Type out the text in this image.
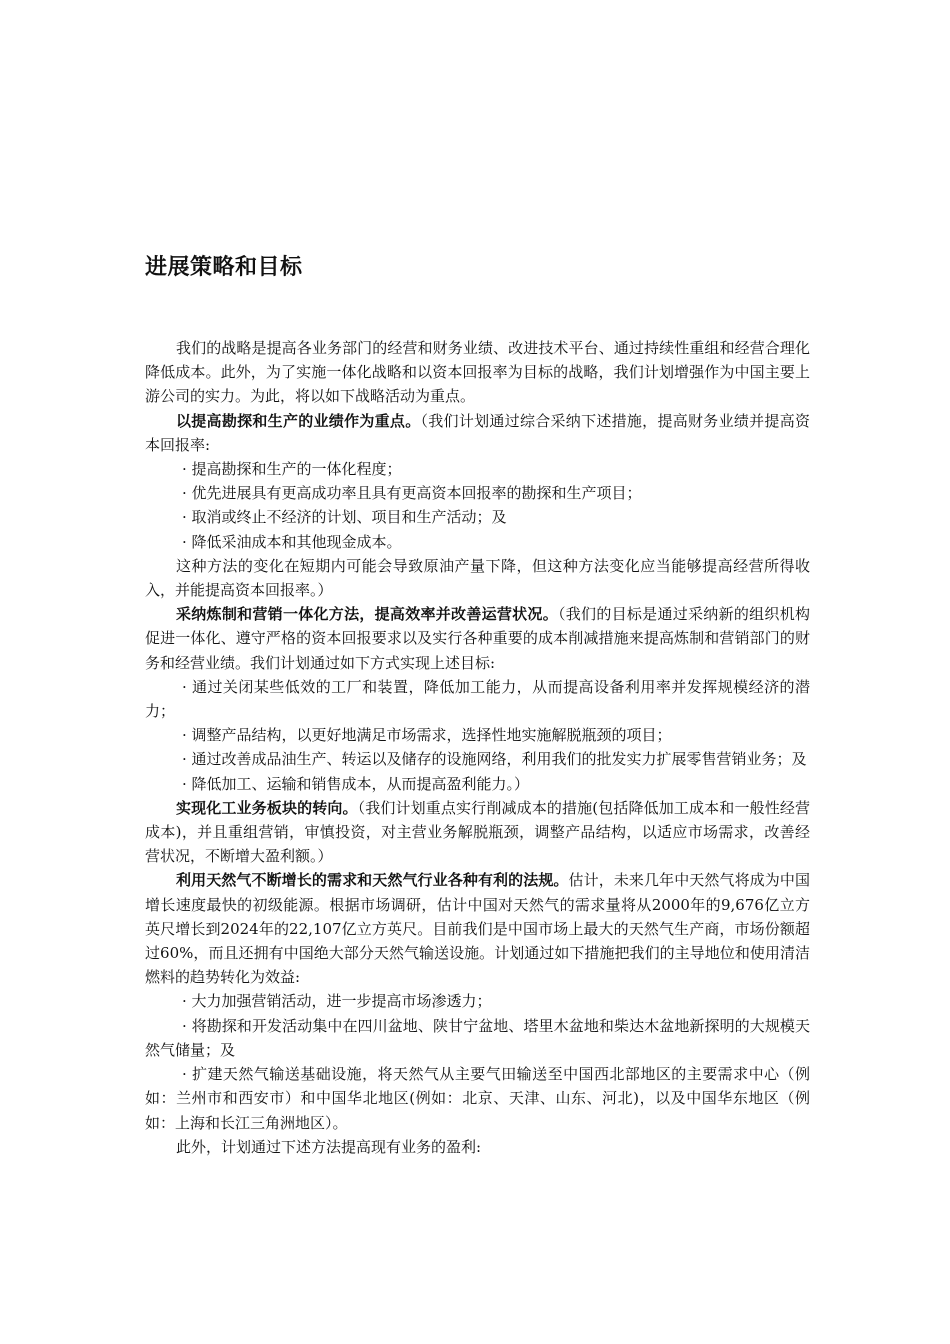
进展策略和目标

我们的战略是提高各业务部门的经营和财务业绩、改进技术平台、通过持续性重组和经营合理化降低成本。此外，为了实施一体化战略和以资本回报率为目标的战略，我们计划增强作为中国主要上游公司的实力。为此，将以如下战略活动为重点。

以提高勘探和生产的业绩作为重点。（我们计划通过综合采纳下述措施，提高财务业绩并提高资本回报率:

· 提高勘探和生产的一体化程度；

· 优先进展具有更高成功率且具有更高资本回报率的勘探和生产项目；

· 取消或终止不经济的计划、项目和生产活动；及

· 降低采油成本和其他现金成本。

这种方法的变化在短期内可能会导致原油产量下降，但这种方法变化应当能够提高经营所得收入，并能提高资本回报率。）

采纳炼制和营销一体化方法，提高效率并改善运营状况。（我们的目标是通过采纳新的组织机构促进一体化、遵守严格的资本回报要求以及实行各种重要的成本削减措施来提高炼制和营销部门的财务和经营业绩。我们计划通过如下方式实现上述目标:

· 通过关闭某些低效的工厂和装置，降低加工能力，从而提高设备利用率并发挥规模经济的潜力；

· 调整产品结构，以更好地满足市场需求，选择性地实施解脱瓶颈的项目；

· 通过改善成品油生产、转运以及储存的设施网络，利用我们的批发实力扩展零售营销业务；及

· 降低加工、运输和销售成本，从而提高盈利能力。）

实现化工业务板块的转向。（我们计划重点实行削减成本的措施(包括降低加工成本和一般性经营成本)，并且重组营销，审慎投资，对主营业务解脱瓶颈，调整产品结构，以适应市场需求，改善经营状况，不断增大盈利额。）

利用天然气不断增长的需求和天然气行业各种有利的法规。估计，未来几年中天然气将成为中国增长速度最快的初级能源。根据市场调研，估计中国对天然气的需求量将从2000年的9,676亿立方英尺增长到2024年的22,107亿立方英尺。目前我们是中国市场上最大的天然气生产商，市场份额超过60%，而且还拥有中国绝大部分天然气输送设施。计划通过如下措施把我们的主导地位和使用清洁燃料的趋势转化为效益:

· 大力加强营销活动，进一步提高市场渗透力；

· 将勘探和开发活动集中在四川盆地、陕甘宁盆地、塔里木盆地和柴达木盆地新探明的大规模天然气储量；及

· 扩建天然气输送基础设施，将天然气从主要气田输送至中国西北部地区的主要需求中心（例如：兰州市和西安市）和中国华北地区(例如：北京、天津、山东、河北)，以及中国华东地区（例如：上海和长江三角洲地区）。

此外，计划通过下述方法提高现有业务的盈利:
